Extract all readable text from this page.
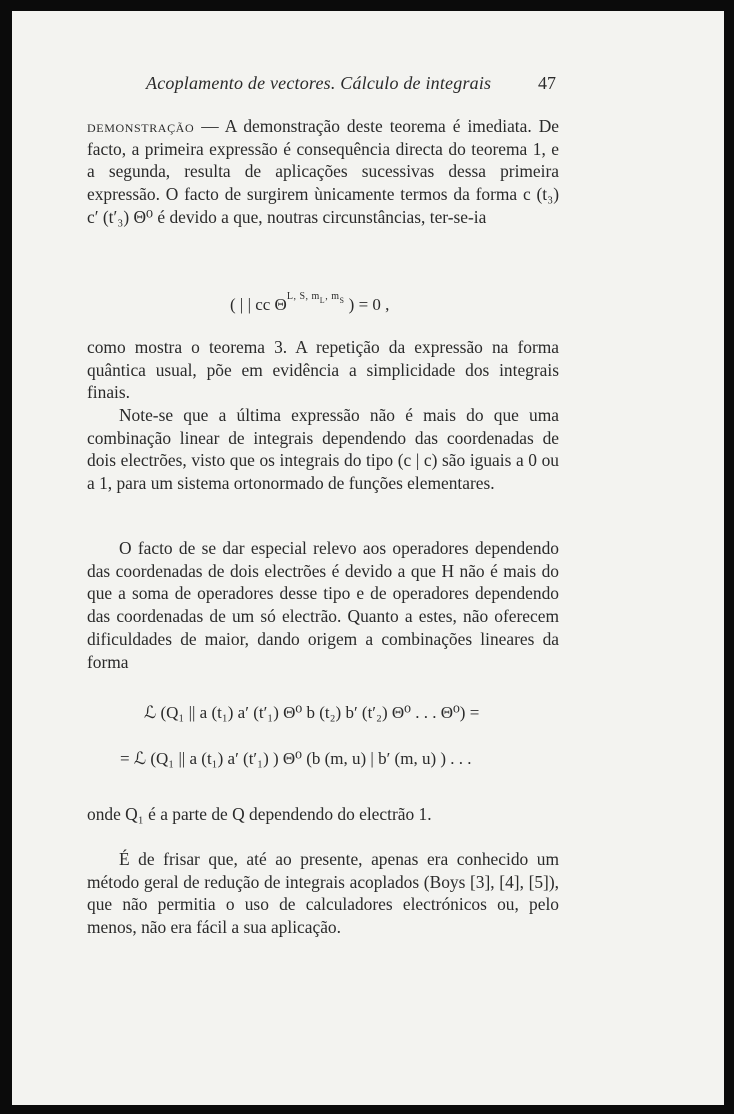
Acoplamento de vectores. Cálculo de integrais	47

demonstração — A demonstração deste teorema é imediata. De facto, a primeira expressão é consequência directa do teorema 1, e a segunda, resulta de aplicações sucessivas dessa primeira expressão. O facto de surgirem ùnicamente termos da forma c (t₃) c′ (t′₃) Θ⁰ é devido a que, noutras circunstâncias, ter-se-ia

( | | cc $\Theta^{L, S, m_L, m_S}$ ) = 0 ,

como mostra o teorema 3. A repetição da expressão na forma quântica usual, põe em evidência a simplicidade dos integrais finais.

Note-se que a última expressão não é mais do que uma combinação linear de integrais dependendo das coordenadas de dois electrões, visto que os integrais do tipo (c | c) são iguais a 0 ou a 1, para um sistema ortonormado de funções elementares.

O facto de se dar especial relevo aos operadores dependendo das coordenadas de dois electrões é devido a que H não é mais do que a soma de operadores desse tipo e de operadores dependendo das coordenadas de um só electrão. Quanto a estes, não oferecem dificuldades de maior, dando origem a combinações lineares da forma

ℒ (Q₁ || a (t₁) a′ (t′₁) Θ⁰ b (t₂) b′ (t′₂) Θ⁰ . . . Θ⁰) =
= ℒ (Q₁ || a (t₁) a′ (t′₁) ) Θ⁰ (b (m, u) | b′ (m, u) ) . . .

onde Q₁ é a parte de Q dependendo do electrão 1.

É de frisar que, até ao presente, apenas era conhecido um método geral de redução de integrais acoplados (Boys [3], [4], [5]), que não permitia o uso de calculadores electrónicos ou, pelo menos, não era fácil a sua aplicação.
